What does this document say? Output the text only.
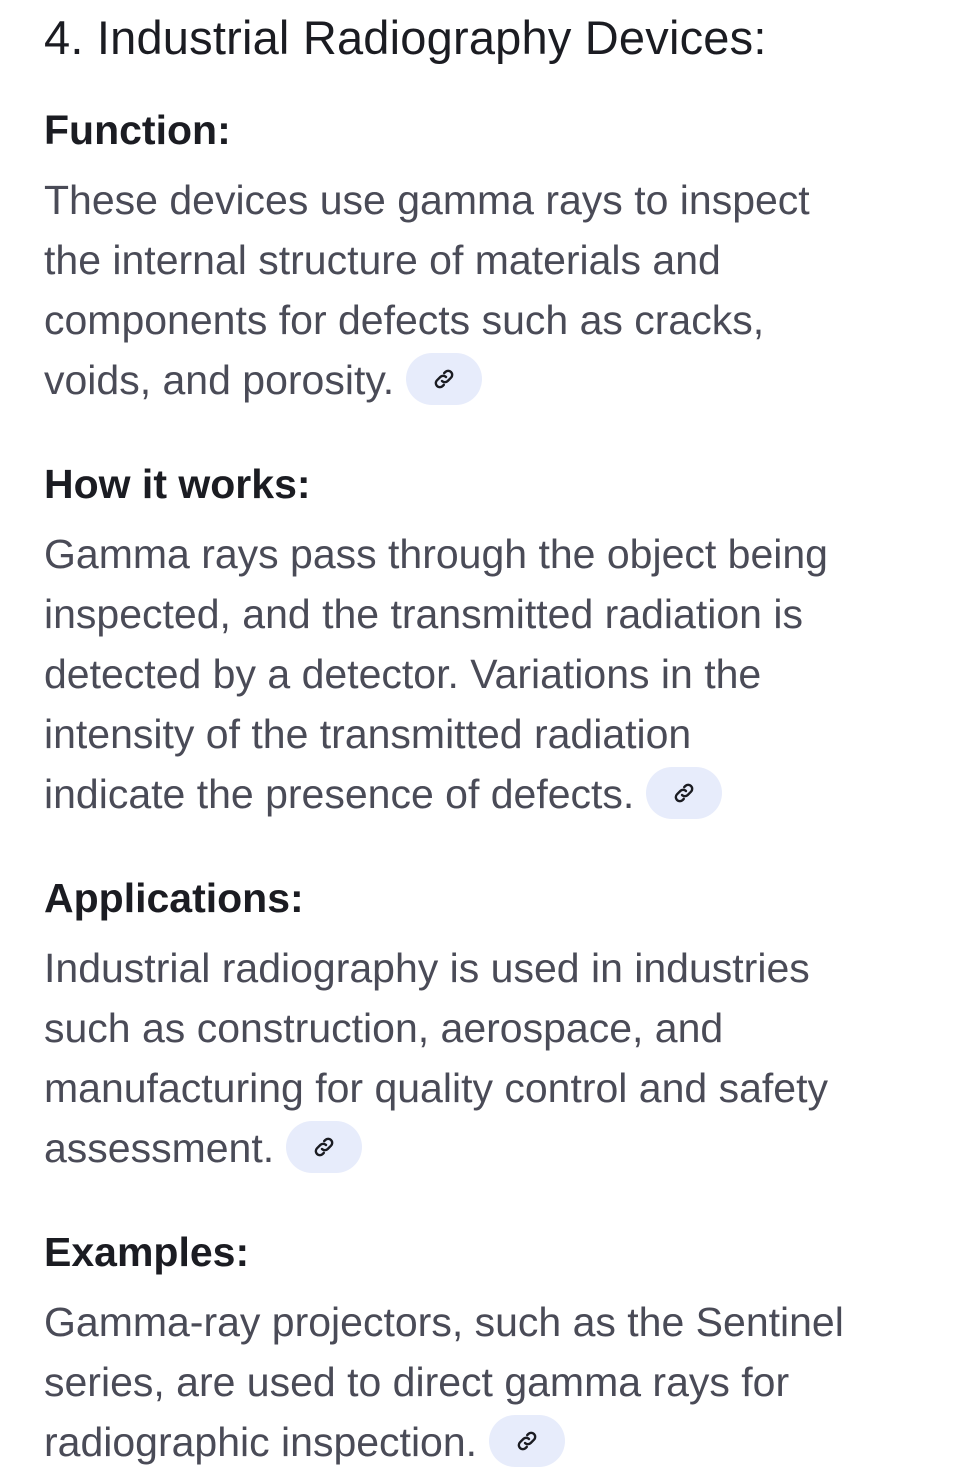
4. Industrial Radiography Devices:
Function:

These devices use gamma rays to inspect
the internal structure of materials and
components for defects such as cracks,
voids, and porosity.

How it works:

Gamma rays pass through the object being
inspected, and the transmitted radiation is
detected by a detector. Variations in the
intensity of the transmitted radiation
indicate the presence of defects.

Applications:

Industrial radiography is used in industries
such as construction, aerospace, and
manufacturing for quality control and safety
assessment.

Examples:

Gamma-ray projectors, such as the Sentinel
series, are used to direct gamma rays for
radiographic inspection.
